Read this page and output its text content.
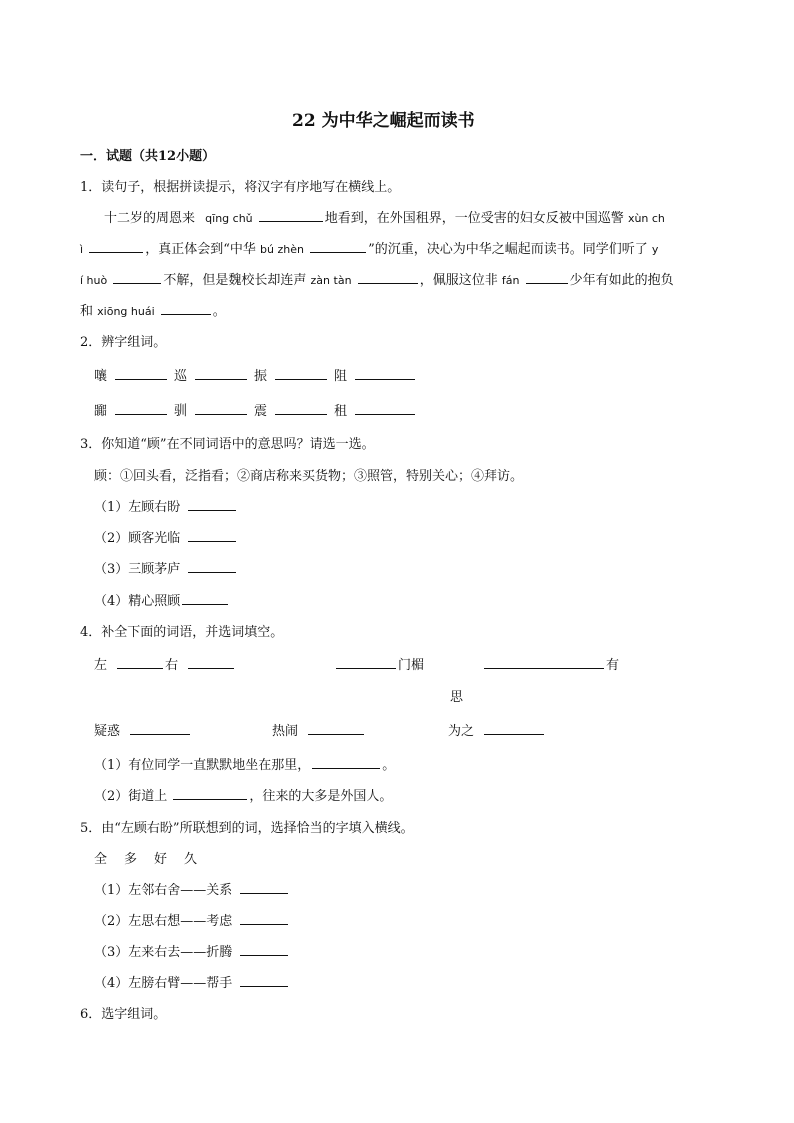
22 为中华之崛起而读书
一．试题（共12小题）
1．读句子，根据拼读提示，将汉字有序地写在横线上。
十二岁的周恩来 qīng chǔ	地看到，在外国租界，一位受害的妇女反被中国巡警 xùn ch
ì	，真正体会到“中华 bú zhèn	”的沉重，决心为中华之崛起而读书。同学们听了 y
í huò	不解，但是魏校长却连声 zàn tàn	，佩服这位非 fán	少年有如此的抱负
和 xiōng huái	。
2．辨字组词。
嚷	巡	振	阻
嚻	驯	震	租
3．你知道“顾”在不同词语中的意思吗？请选一选。
顾：①回头看，泛指看；②商店称来买货物；③照管，特别关心；④拜访。
（1）左顾右盼
（2）顾客光临
（3）三顾茅庐
（4）精心照顾
4．补全下面的词语，并选词填空。
左	右	门楣	有
思
疑惑	热闹	为之
（1）有位同学一直默默地坐在那里，	。
（2）街道上	，往来的大多是外国人。
5．由“左顾右盼”所联想到的词，选择恰当的字填入横线。
全　多　好　久
（1）左邻右舍——关系
（2）左思右想——考虑
（3）左来右去——折腾
（4）左膀右臂——帮手
6．选字组词。
